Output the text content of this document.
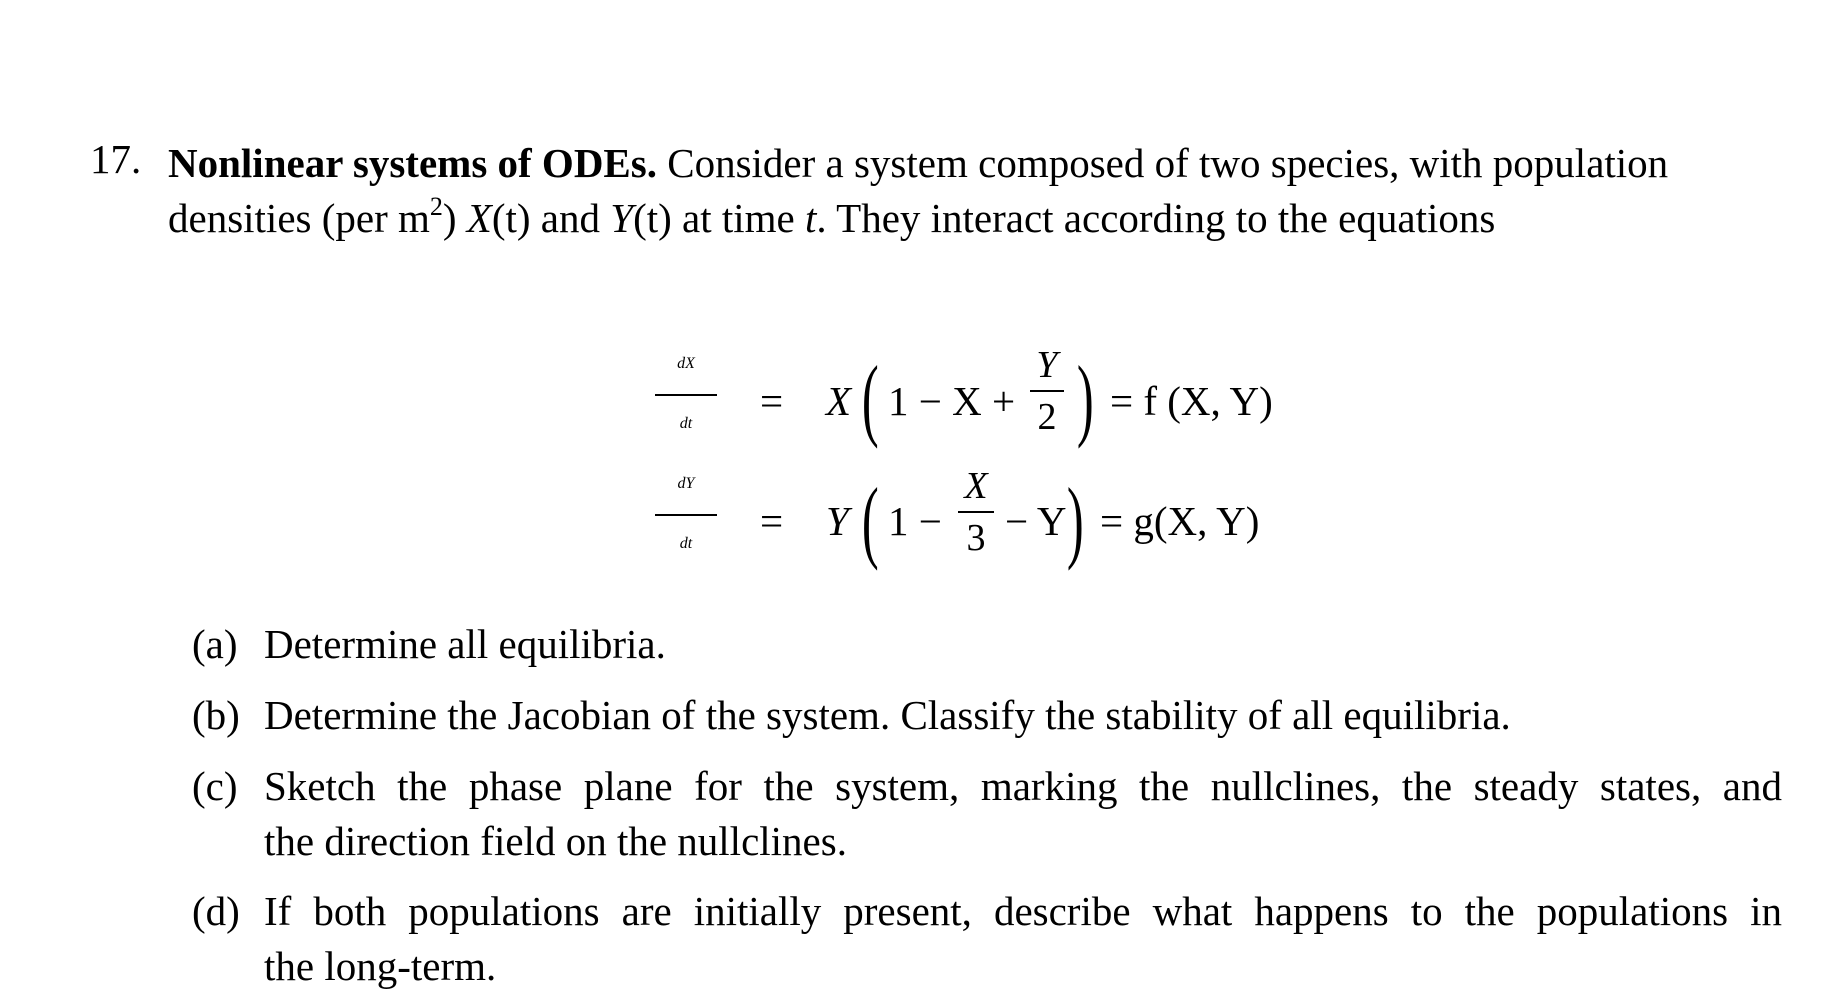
17. Nonlinear systems of ODEs. Consider a system composed of two species, with population
densities (per $m^2$) X(t) and Y(t) at time t. They interact according to the equations
dX
dt	= X ( 1 − X +
Y
2 ) = f (X, Y)
dY
dt	= Y ( 1 −
X
3 − Y ) = g(X, Y)
(a) Determine all equilibria.
(b) Determine the Jacobian of the system. Classify the stability of all equilibria.
(c) Sketch the phase plane for the system, marking the nullclines, the steady states, and
the direction field on the nullclines.
(d) If both populations are initially present, describe what happens to the populations in
the long-term.
